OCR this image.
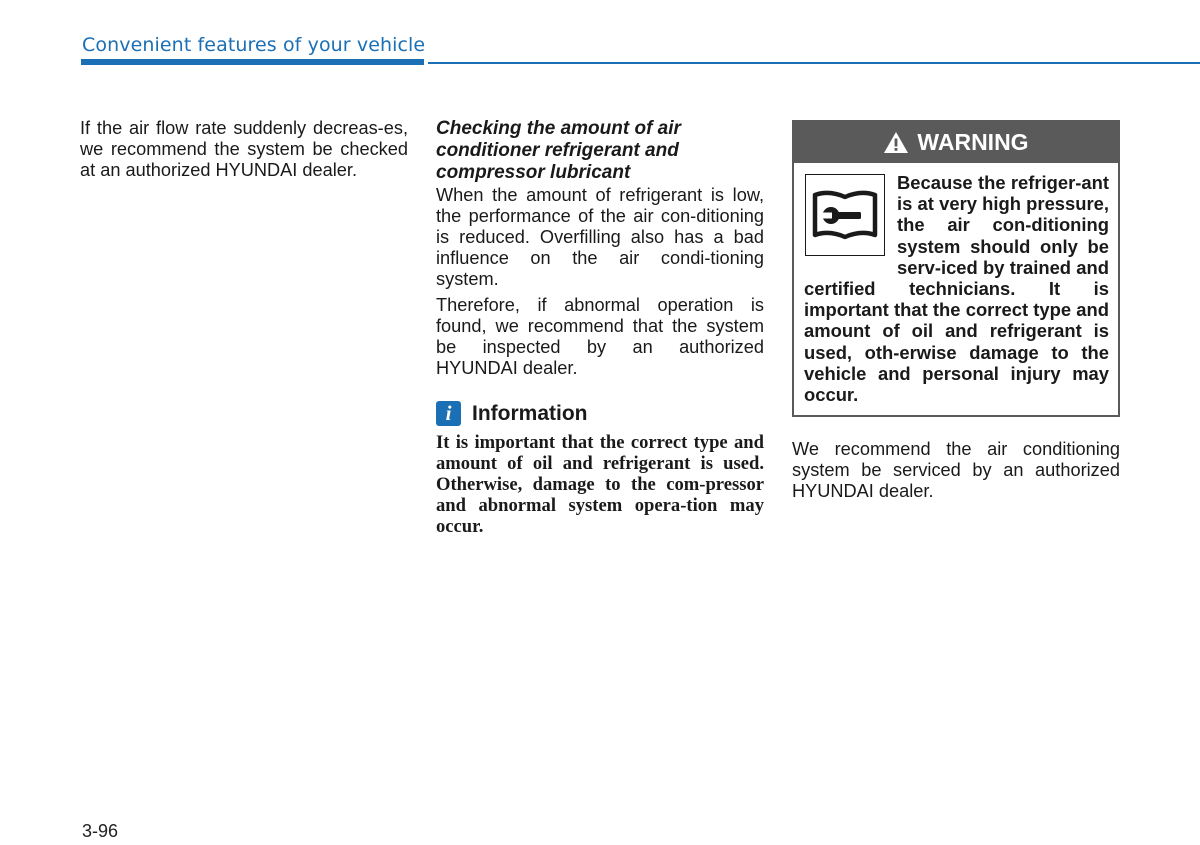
Convenient features of your vehicle

If the air flow rate suddenly decreas-es, we recommend the system be checked at an authorized HYUNDAI dealer.

Checking the amount of air
conditioner refrigerant and
compressor lubricant

When the amount of refrigerant is low, the performance of the air con-ditioning is reduced. Overfilling also has a bad influence on the air condi-tioning system.

Therefore, if abnormal operation is found, we recommend that the system be inspected by an authorized HYUNDAI dealer.

i Information

It is important that the correct type and amount of oil and refrigerant is used. Otherwise, damage to the com-pressor and abnormal system opera-tion may occur.

WARNING

Because the refriger-ant is at very high pressure, the air con-ditioning system should only be serv-iced by trained and certified technicians. It is important that the correct type and amount of oil and refrigerant is used, oth-erwise damage to the vehicle and personal injury may occur.

We recommend the air conditioning system be serviced by an authorized HYUNDAI dealer.

3-96
